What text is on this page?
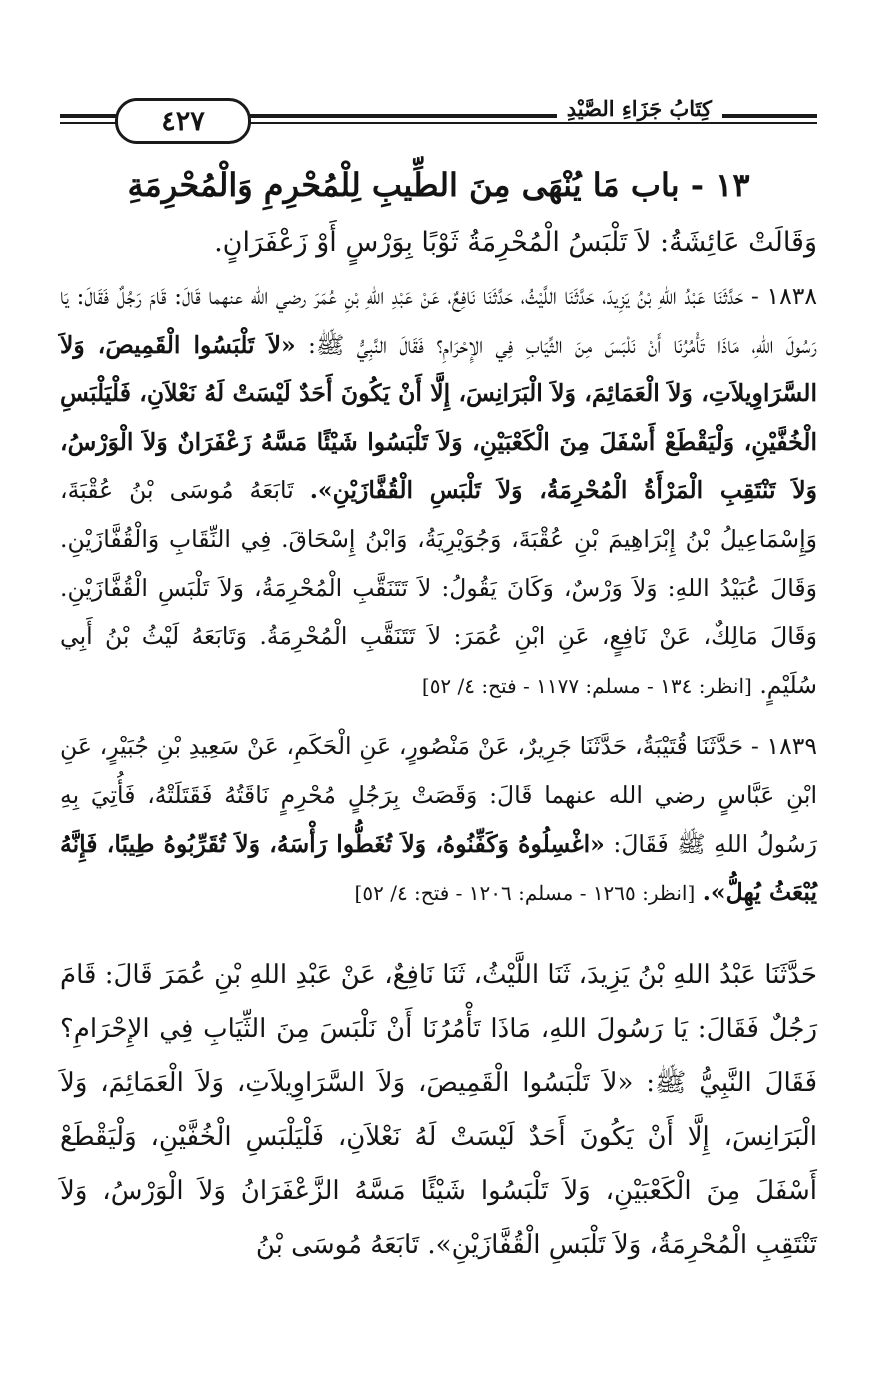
٤٢٧	كِتَابُ جَزَاءِ الصَّيْدِ
١٣ - باب مَا يُنْهَى مِنَ الطِّيبِ لِلْمُحْرِمِ وَالْمُحْرِمَةِ

وَقَالَتْ عَائِشَةُ: لاَ تَلْبَسُ الْمُحْرِمَةُ ثَوْبًا بِوَرْسٍ أَوْ زَعْفَرَانٍ.

١٨٣٨ - حَدَّثَنَا عَبْدُ اللهِ بْنُ يَزِيدَ، حَدَّثَنَا اللَّيْثُ، حَدَّثَنَا نَافِعٌ، عَنْ عَبْدِ اللهِ بْنِ عُمَرَ رضي الله عنهما قَالَ: قَامَ رَجُلٌ فَقَالَ: يَا رَسُولَ اللهِ، مَاذَا تَأْمُرُنَا أَنْ نَلْبَسَ مِنَ الثِّيَابِ فِي الإِحْرَامِ؟ فَقَالَ النَّبِيُّ ﷺ: «لاَ تَلْبَسُوا الْقَمِيصَ، وَلاَ السَّرَاوِيلاَتِ، وَلاَ الْعَمَائِمَ، وَلاَ الْبَرَانِسَ، إِلَّا أَنْ يَكُونَ أَحَدٌ لَيْسَتْ لَهُ نَعْلاَنِ، فَلْيَلْبَسِ الْخُفَّيْنِ، وَلْيَقْطَعْ أَسْفَلَ مِنَ الْكَعْبَيْنِ، وَلاَ تَلْبَسُوا شَيْئًا مَسَّهُ زَعْفَرَانٌ وَلاَ الْوَرْسُ، وَلاَ تَنْتَقِبِ الْمَرْأَةُ الْمُحْرِمَةُ، وَلاَ تَلْبَسِ الْقُفَّازَيْنِ». تَابَعَهُ مُوسَى بْنُ عُقْبَةَ، وَإِسْمَاعِيلُ بْنُ إِبْرَاهِيمَ بْنِ عُقْبَةَ، وَجُوَيْرِيَةُ، وَابْنُ إِسْحَاقَ. فِي النِّقَابِ وَالْقُفَّازَيْنِ. وَقَالَ عُبَيْدُ اللهِ: وَلاَ وَرْسٌ، وَكَانَ يَقُولُ: لاَ تَتَنَقَّبِ الْمُحْرِمَةُ، وَلاَ تَلْبَسِ الْقُفَّازَيْنِ. وَقَالَ مَالِكٌ، عَنْ نَافِعٍ، عَنِ ابْنِ عُمَرَ: لاَ تَتَنَقَّبِ الْمُحْرِمَةُ. وَتَابَعَهُ لَيْثُ بْنُ أَبِي سُلَيْمٍ. [انظر: ١٣٤ - مسلم: ١١٧٧ - فتح: ٤/ ٥٢]

١٨٣٩ - حَدَّثَنَا قُتَيْبَةُ، حَدَّثَنَا جَرِيرٌ، عَنْ مَنْصُورٍ، عَنِ الْحَكَمِ، عَنْ سَعِيدِ بْنِ جُبَيْرٍ، عَنِ ابْنِ عَبَّاسٍ رضي الله عنهما قَالَ: وَقَصَتْ بِرَجُلٍ مُحْرِمٍ نَاقَتُهُ فَقَتَلَتْهُ، فَأُتِيَ بِهِ رَسُولُ اللهِ ﷺ فَقَالَ: «اغْسِلُوهُ وَكَفِّنُوهُ، وَلاَ تُغَطُّوا رَأْسَهُ، وَلاَ تُقَرِّبُوهُ طِيبًا، فَإِنَّهُ يُبْعَثُ يُهِلُّ». [انظر: ١٢٦٥ - مسلم: ١٢٠٦ - فتح: ٤/ ٥٢]

حَدَّثَنَا عَبْدُ اللهِ بْنُ يَزِيدَ، ثَنَا اللَّيْثُ، ثَنَا نَافِعٌ، عَنْ عَبْدِ اللهِ بْنِ عُمَرَ قَالَ: قَامَ رَجُلٌ فَقَالَ: يَا رَسُولَ اللهِ، مَاذَا تَأْمُرُنَا أَنْ نَلْبَسَ مِنَ الثِّيَابِ فِي الإِحْرَامِ؟ فَقَالَ النَّبِيُّ ﷺ: «لاَ تَلْبَسُوا الْقَمِيصَ، وَلاَ السَّرَاوِيلاَتِ، وَلاَ الْعَمَائِمَ، وَلاَ الْبَرَانِسَ، إِلَّا أَنْ يَكُونَ أَحَدٌ لَيْسَتْ لَهُ نَعْلاَنِ، فَلْيَلْبَسِ الْخُفَّيْنِ، وَلْيَقْطَعْ أَسْفَلَ مِنَ الْكَعْبَيْنِ، وَلاَ تَلْبَسُوا شَيْئًا مَسَّهُ الزَّعْفَرَانُ وَلاَ الْوَرْسُ، وَلاَ تَنْتَقِبِ الْمُحْرِمَةُ، وَلاَ تَلْبَسِ الْقُفَّازَيْنِ». تَابَعَهُ مُوسَى بْنُ
